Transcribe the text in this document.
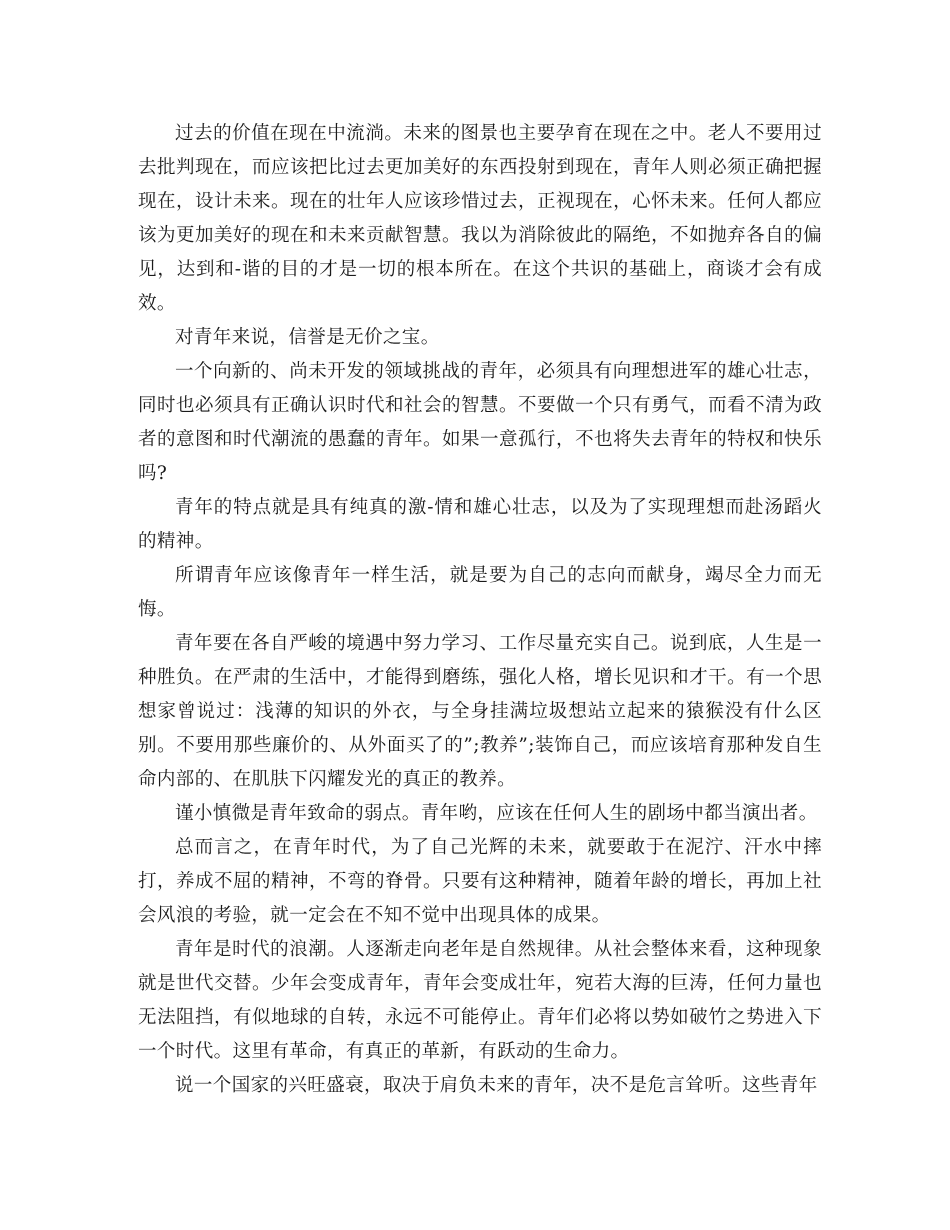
过去的价值在现在中流淌。未来的图景也主要孕育在现在之中。老人不要用过去批判现在，而应该把比过去更加美好的东西投射到现在，青年人则必须正确把握现在，设计未来。现在的壮年人应该珍惜过去，正视现在，心怀未来。任何人都应该为更加美好的现在和未来贡献智慧。我以为消除彼此的隔绝，不如抛弃各自的偏见，达到和-谐的目的才是一切的根本所在。在这个共识的基础上，商谈才会有成效。

对青年来说，信誉是无价之宝。

一个向新的、尚未开发的领域挑战的青年，必须具有向理想进军的雄心壮志，同时也必须具有正确认识时代和社会的智慧。不要做一个只有勇气，而看不清为政者的意图和时代潮流的愚蠢的青年。如果一意孤行，不也将失去青年的特权和快乐吗?

青年的特点就是具有纯真的激-情和雄心壮志，以及为了实现理想而赴汤蹈火的精神。

所谓青年应该像青年一样生活，就是要为自己的志向而献身，竭尽全力而无悔。

青年要在各自严峻的境遇中努力学习、工作尽量充实自己。说到底，人生是一种胜负。在严肃的生活中，才能得到磨练，强化人格，增长见识和才干。有一个思想家曾说过：浅薄的知识的外衣，与全身挂满垃圾想站立起来的猿猴没有什么区别。不要用那些廉价的、从外面买了的”;教养”;装饰自己，而应该培育那种发自生命内部的、在肌肤下闪耀发光的真正的教养。

谨小慎微是青年致命的弱点。青年哟，应该在任何人生的剧场中都当演出者。

总而言之，在青年时代，为了自己光辉的未来，就要敢于在泥泞、汗水中摔打，养成不屈的精神，不弯的脊骨。只要有这种精神，随着年龄的增长，再加上社会风浪的考验，就一定会在不知不觉中出现具体的成果。

青年是时代的浪潮。人逐渐走向老年是自然规律。从社会整体来看，这种现象就是世代交替。少年会变成青年，青年会变成壮年，宛若大海的巨涛，任何力量也无法阻挡，有似地球的自转，永远不可能停止。青年们必将以势如破竹之势进入下一个时代。这里有革命，有真正的革新，有跃动的生命力。

说一个国家的兴旺盛衰，取决于肩负未来的青年，决不是危言耸听。这些青年
